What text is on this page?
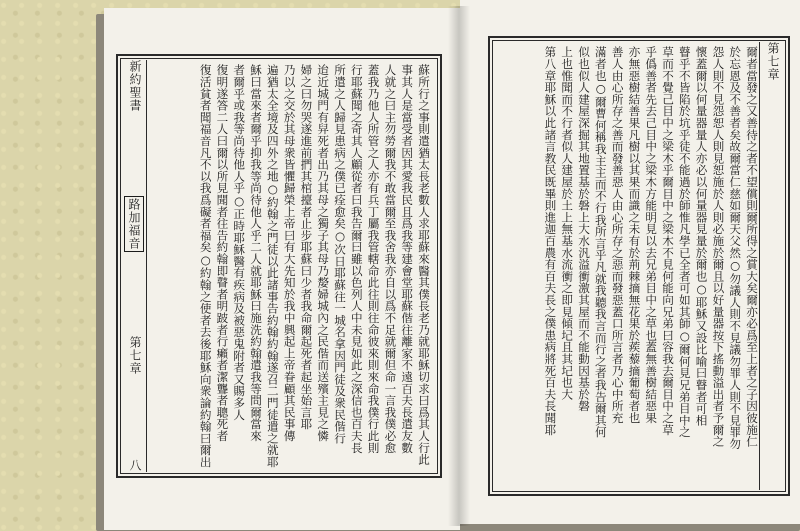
新約聖書
路加福音
第七章
八
蘇所行之事則遣猶太長老數人求耶蘇來醫其僕長老乃就耶穌切求曰爲其人行此
事其人是當受者因其愛我民且爲我等建會堂耶蘇偕往離家不遠百夫長遣友數
人就之曰主勿勞爾我不敢當爾至我舍我亦自以爲不足就爾但命一言我僕必愈
蓋我乃他人所管之人亦有兵丁屬我管轄命此往則往命彼來則來命我僕行此則
行耶蘇聞之奇其人顧從者曰我告爾曰雖以色列人中未見如此之深信也百夫長
所遣之人歸見患病之僕已痊愈矣○次日耶蘇往一城名拿因門徒及衆民偕行
迨近城門有舁死者出乃其母之獨子其母乃嫠婦城內之民偕而送殯主見之憐
婦之曰勿哭遂進前捫其棺擡者止步耶蘇曰少者我命爾起死者起坐始言耶
乃以之交於其母衆皆懼歸榮上帝曰有大先知於我中興起上帝眷顧其民事傳
遍猶太全境及四外之地○約翰之門徒以此諸事告約翰約翰遂召二門徒遣之就耶
穌曰當來者爾乎抑我等尚待他人乎二人就耶穌曰施洗約翰遣我等問爾當來
者爾乎或我等尚待他人乎○正時耶穌醫有疾病及被惡鬼附者又賜多人
復明遂答二人曰爾以所見聞者往告約翰即瞽者明跛者行癩者潔聾者聰死者
復活貧者聞福音凡不以我爲礙者福矣○約翰之使者去後耶穌向衆論約翰曰爾出
第七章
爾者當發之又善待之者不望償則爾所得之賞大矣爾亦必爲至上者之子因彼施仁
於忘恩及不善者矣故爾當仁慈如爾天父然○勿議人則不見議勿罪人則不見罪勿
怨人則不見怨恕人則見恕施於人則必施於爾且以好量器按下搖動溢出者予爾之
懷蓋爾以何量器量人亦必以何量器見量於爾也○耶穌又設比喻曰瞽者可相
瞽乎不皆陷於坑乎徒不能過於師惟凡學已全者可如其師○爾何見兄弟目中之
草而不覺己目中之梁木乎爾目中之梁木不見何能向兄弟曰容我去爾目中之草
乎僞善者先去己目中之梁木方能明見以去兄弟目中之草也蓋無善樹結惡果
亦無惡樹結善果凡樹以其果而識之未有於荊棘摘無花果於蒺藜摘葡萄者也
善人由心所存之善而發善惡人由心所存之惡而發惡蓋口所言者乃心中所充
滿者也○爾曹何稱我主主而不行我所言乎凡就我聽我言而行之者我告爾其何
似也似人建屋深掘其地置基於磐上大水汎溢衝激其屋而不能動因基於磐
上也惟聞而不行者似人建屋於土上無基水流衝之即見傾圮且其圮也大
第八章耶穌以此諸言教民既畢則進迦百農有百夫長之僕患病將死百夫長聞耶
